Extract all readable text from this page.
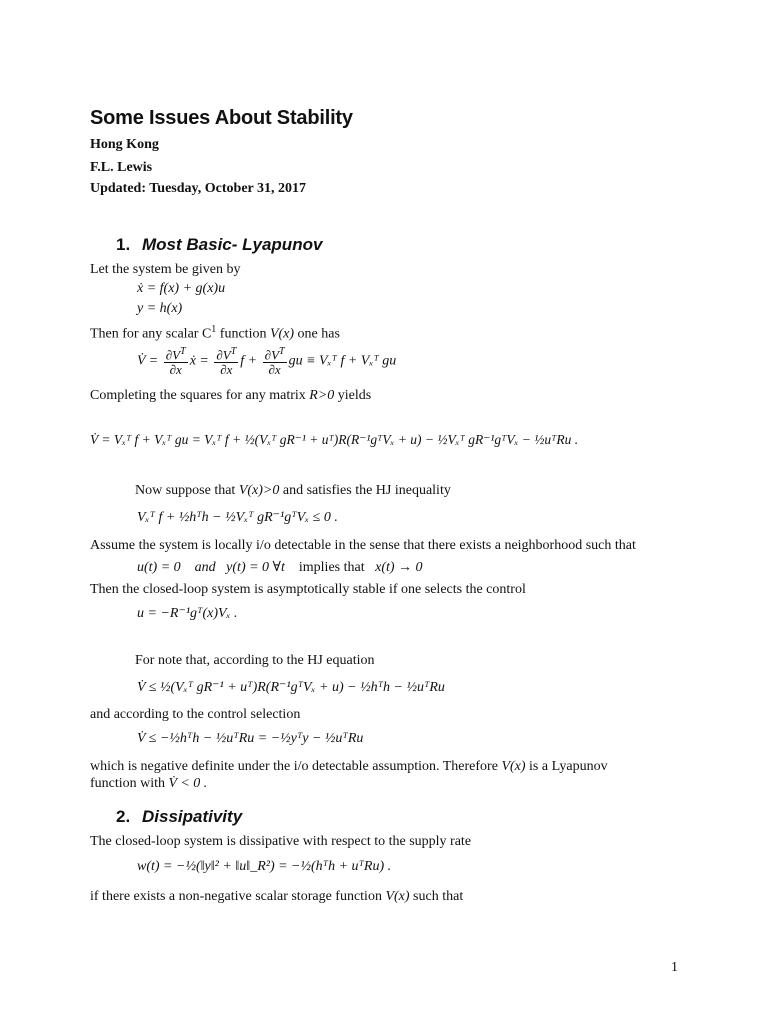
Some Issues About Stability
Hong Kong
F.L. Lewis
Updated: Tuesday, October 31, 2017
1. Most Basic- Lyapunov
Let the system be given by
ẋ = f(x) + g(x)u
y = h(x)
Then for any scalar $C^1$ function V(x) one has
V̇ = $\frac{\partial V^T}{\partial x}$ ẋ = $\frac{\partial V^T}{\partial x}$ $f + \frac{\partial V^T}{\partial x}$ gu ≡ Vₓᵀ f + Vₓᵀ gu
Completing the squares for any matrix R>0 yields
V̇ = Vₓᵀ f + Vₓᵀ gu = Vₓᵀ f + ½(Vₓᵀ gR⁻¹ + uᵀ)R(R⁻¹gᵀVₓ + u) − ½Vₓᵀ gR⁻¹gᵀVₓ − ½uᵀRu .
Now suppose that V(x)>0 and satisfies the HJ inequality
Vₓᵀ f + ½hᵀh − ½Vₓᵀ gR⁻¹gᵀVₓ ≤ 0 .
Assume the system is locally i/o detectable in the sense that there exists a neighborhood such that
u(t) = 0 and y(t) = 0 ∀t implies that x(t) → 0
Then the closed-loop system is asymptotically stable if one selects the control
u = −R⁻¹gᵀ(x)Vₓ .
For note that, according to the HJ equation
V̇ ≤ ½(Vₓᵀ gR⁻¹ + uᵀ)R(R⁻¹gᵀVₓ + u) − ½hᵀh − ½uᵀRu
and according to the control selection
V̇ ≤ −½hᵀh − ½uᵀRu = −½yᵀy − ½uᵀRu
which is negative definite under the i/o detectable assumption. Therefore V(x) is a Lyapunov
function with V̇ < 0 .
2. Dissipativity
The closed-loop system is dissipative with respect to the supply rate
w(t) = −½(‖y‖² + ‖u‖_R²) = −½(hᵀh + uᵀRu) .
if there exists a non-negative scalar storage function V(x) such that
1
